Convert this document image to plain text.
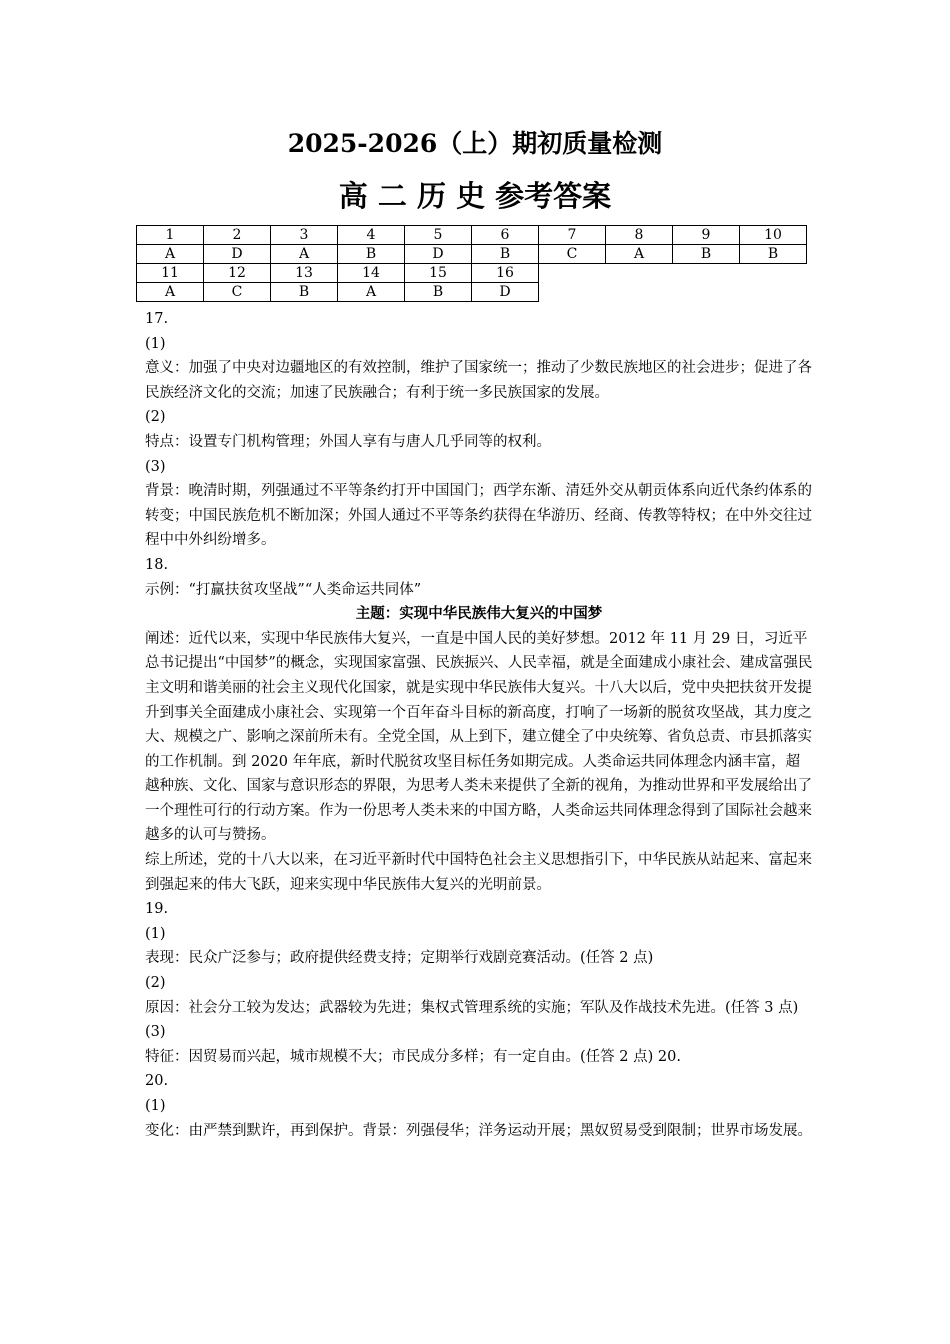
2025-2026（上）期初质量检测
高 二 历 史 参考答案
1	2	3	4	5	6	7	8	9	10
A	D	A	B	D	B	C	A	B	B
11	12	13	14	15	16				
A	C	B	A	B	D				

17.

(1)

意义：加强了中央对边疆地区的有效控制，维护了国家统一；推动了少数民族地区的社会进步；促进了各民族经济文化的交流；加速了民族融合；有利于统一多民族国家的发展。

(2)

特点：设置专门机构管理；外国人享有与唐人几乎同等的权利。

(3)

背景：晚清时期，列强通过不平等条约打开中国国门；西学东渐、清廷外交从朝贡体系向近代条约体系的转变；中国民族危机不断加深；外国人通过不平等条约获得在华游历、经商、传教等特权；在中外交往过程中中外纠纷增多。

18.

示例：“打赢扶贫攻坚战”“人类命运共同体”

主题：实现中华民族伟大复兴的中国梦

阐述：近代以来，实现中华民族伟大复兴，一直是中国人民的美好梦想。2012 年 11 月 29 日，习近平总书记提出“中国梦”的概念，实现国家富强、民族振兴、人民幸福，就是全面建成小康社会、建成富强民主文明和谐美丽的社会主义现代化国家，就是实现中华民族伟大复兴。十八大以后，党中央把扶贫开发提升到事关全面建成小康社会、实现第一个百年奋斗目标的新高度，打响了一场新的脱贫攻坚战，其力度之大、规模之广、影响之深前所未有。全党全国，从上到下，建立健全了中央统筹、省负总责、市县抓落实的工作机制。到 2020 年年底，新时代脱贫攻坚目标任务如期完成。人类命运共同体理念内涵丰富，超越种族、文化、国家与意识形态的界限，为思考人类未来提供了全新的视角，为推动世界和平发展给出了一个理性可行的行动方案。作为一份思考人类未来的中国方略，人类命运共同体理念得到了国际社会越来越多的认可与赞扬。

综上所述，党的十八大以来，在习近平新时代中国特色社会主义思想指引下，中华民族从站起来、富起来到强起来的伟大飞跃，迎来实现中华民族伟大复兴的光明前景。

19.

(1)

表现：民众广泛参与；政府提供经费支持；定期举行戏剧竞赛活动。(任答 2 点)

(2)

原因：社会分工较为发达；武器较为先进；集权式管理系统的实施；军队及作战技术先进。(任答 3 点)

(3)

特征：因贸易而兴起，城市规模不大；市民成分多样；有一定自由。(任答 2 点) 20.

20.

(1)

变化：由严禁到默许，再到保护。背景：列强侵华；洋务运动开展；黑奴贸易受到限制；世界市场发展。
